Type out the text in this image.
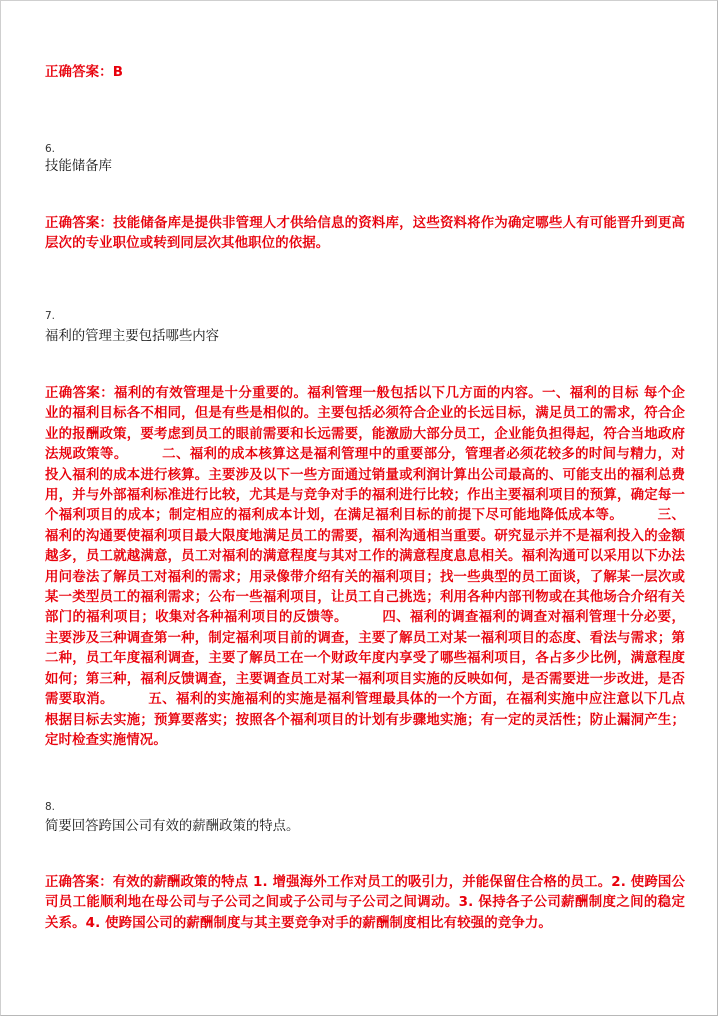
正确答案：B

6.

技能储备库

正确答案：技能储备库是提供非管理人才供给信息的资料库，这些资料将作为确定哪些人有可能晋升到更高层次的专业职位或转到同层次其他职位的依据。

7.

福利的管理主要包括哪些内容

正确答案：福利的有效管理是十分重要的。福利管理一般包括以下几方面的内容。一、福利的目标 每个企业的福利目标各不相同，但是有些是相似的。主要包括必须符合企业的长远目标，满足员工的需求，符合企业的报酬政策，要考虑到员工的眼前需要和长远需要，能激励大部分员工，企业能负担得起，符合当地政府法规政策等。　　　二、福利的成本核算这是福利管理中的重要部分，管理者必须花较多的时间与精力，对投入福利的成本进行核算。主要涉及以下一些方面通过销量或利润计算出公司最高的、可能支出的福利总费用，并与外部福利标准进行比较，尤其是与竞争对手的福利进行比较；作出主要福利项目的预算，确定每一个福利项目的成本；制定相应的福利成本计划，在满足福利目标的前提下尽可能地降低成本等。　　　三、福利的沟通要使福利项目最大限度地满足员工的需要，福利沟通相当重要。研究显示并不是福利投入的金额越多，员工就越满意，员工对福利的满意程度与其对工作的满意程度息息相关。福利沟通可以采用以下办法用问卷法了解员工对福利的需求；用录像带介绍有关的福利项目；找一些典型的员工面谈，了解某一层次或某一类型员工的福利需求；公布一些福利项目，让员工自己挑选；利用各种内部刊物或在其他场合介绍有关部门的福利项目；收集对各种福利项目的反馈等。　　　四、福利的调查福利的调查对福利管理十分必要，主要涉及三种调查第一种，制定福利项目前的调查，主要了解员工对某一福利项目的态度、看法与需求；第二种，员工年度福利调查，主要了解员工在一个财政年度内享受了哪些福利项目，各占多少比例，满意程度如何；第三种，福利反馈调查，主要调查员工对某一福利项目实施的反映如何，是否需要进一步改进，是否需要取消。　　　五、福利的实施福利的实施是福利管理最具体的一个方面，在福利实施中应注意以下几点根据目标去实施；预算要落实；按照各个福利项目的计划有步骤地实施；有一定的灵活性；防止漏洞产生；定时检查实施情况。

8.

简要回答跨国公司有效的薪酬政策的特点。

正确答案：有效的薪酬政策的特点 1. 增强海外工作对员工的吸引力，并能保留住合格的员工。2. 使跨国公司员工能顺利地在母公司与子公司之间或子公司与子公司之间调动。3. 保持各子公司薪酬制度之间的稳定关系。4. 使跨国公司的薪酬制度与其主要竞争对手的薪酬制度相比有较强的竞争力。
